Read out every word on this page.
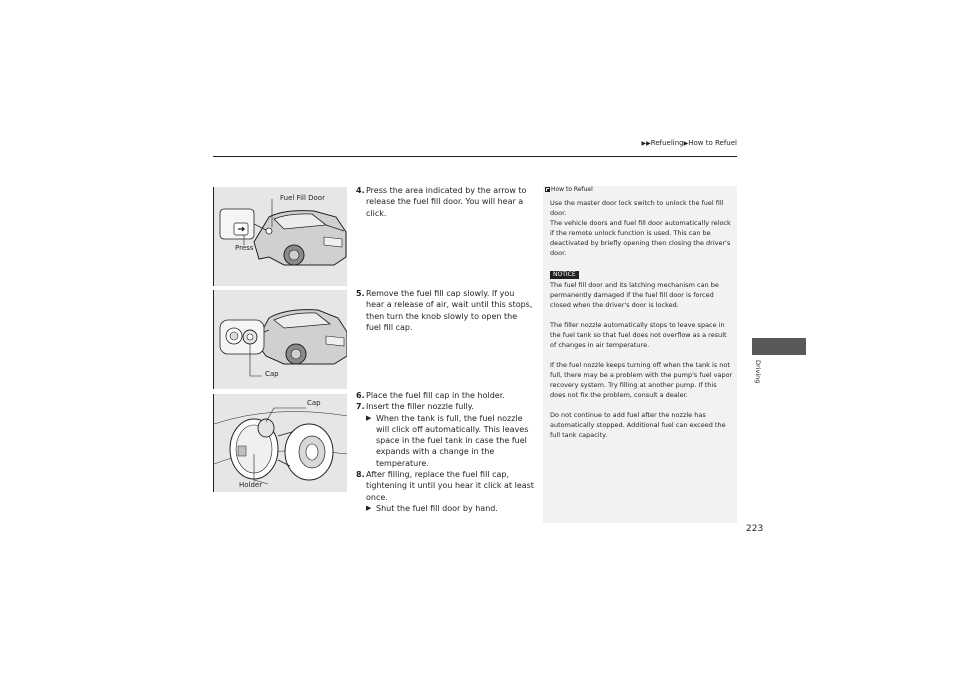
▶▶Refueling▶How to Refuel
Fuel Fill Door
Press
Cap
Cap
Holder
4. Press the area indicated by the arrow to release the fuel fill door. You will hear a click.
5. Remove the fuel fill cap slowly. If you hear a release of air, wait until this stops, then turn the knob slowly to open the fuel fill cap.
6. Place the fuel fill cap in the holder.
7. Insert the filler nozzle fully.
▶ When the tank is full, the fuel nozzle will click off automatically. This leaves space in the fuel tank in case the fuel expands with a change in the temperature.
8. After filling, replace the fuel fill cap, tightening it until you hear it click at least once.
▶ Shut the fuel fill door by hand.
How to Refuel
Use the master door lock switch to unlock the fuel fill door.
The vehicle doors and fuel fill door automatically relock if the remote unlock function is used. This can be deactivated by briefly opening then closing the driver's door.
NOTICE
The fuel fill door and its latching mechanism can be permanently damaged if the fuel fill door is forced closed when the driver's door is locked.
The filler nozzle automatically stops to leave space in the fuel tank so that fuel does not overflow as a result of changes in air temperature.
If the fuel nozzle keeps turning off when the tank is not full, there may be a problem with the pump's fuel vapor recovery system. Try filling at another pump. If this does not fix the problem, consult a dealer.
Do not continue to add fuel after the nozzle has automatically stopped. Additional fuel can exceed the full tank capacity.
Driving
223
